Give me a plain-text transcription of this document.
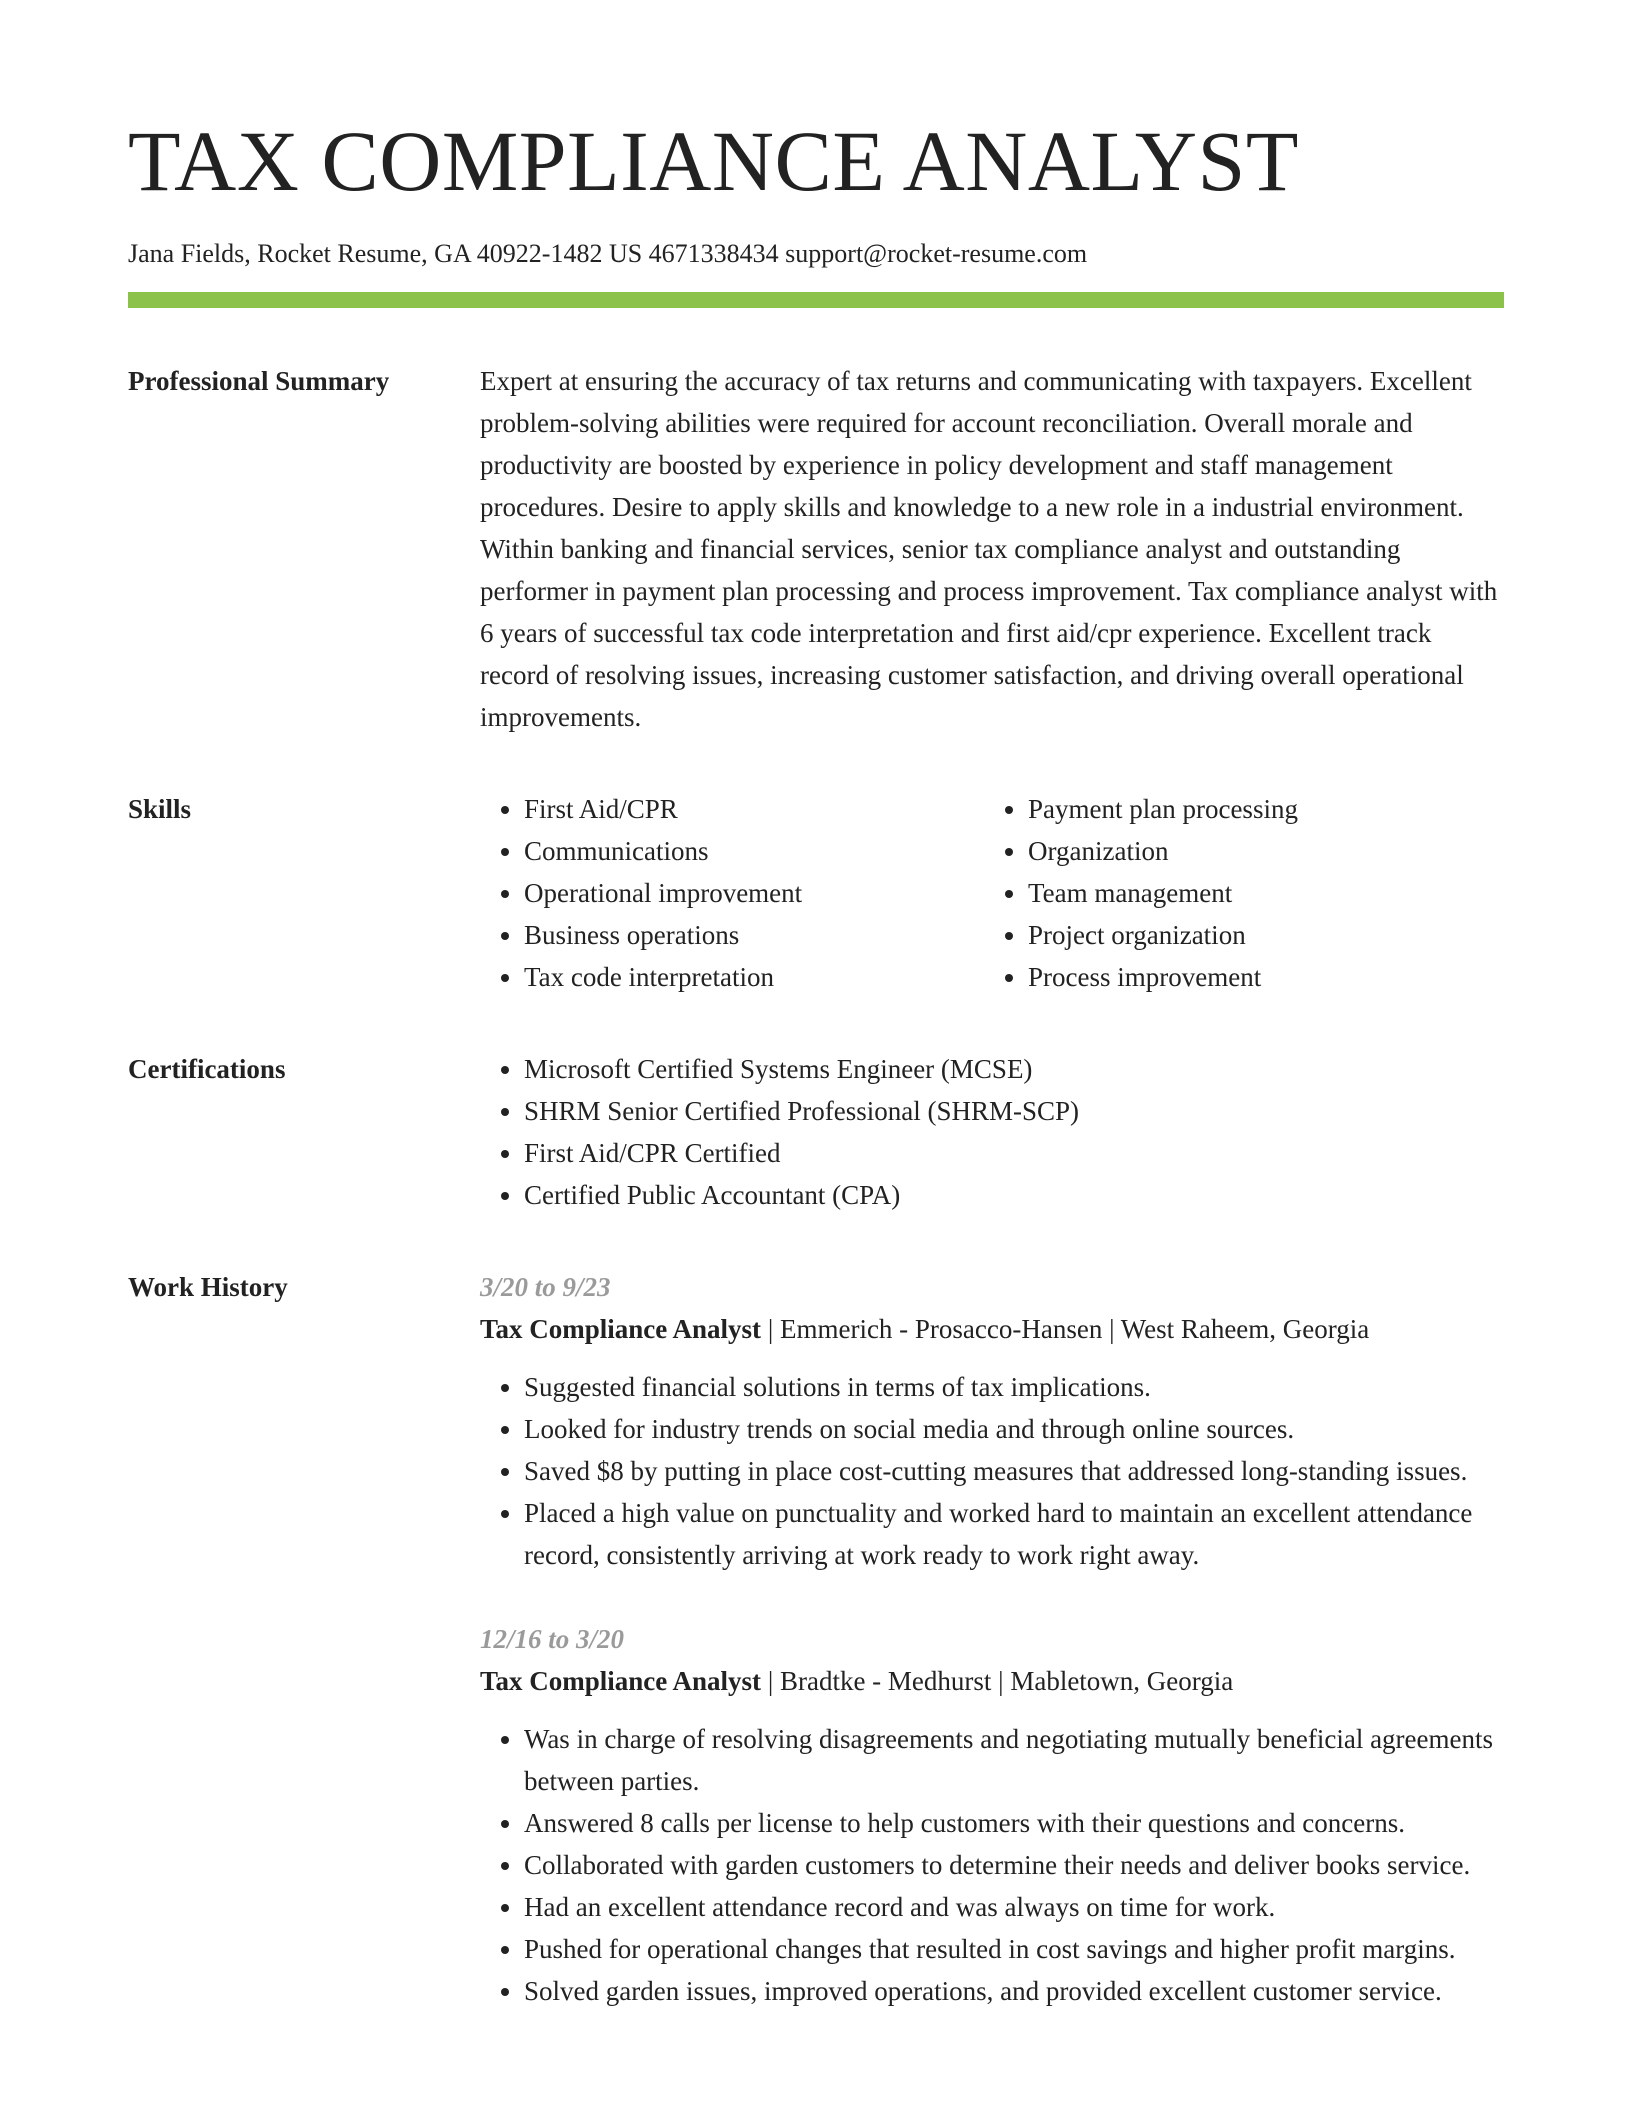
TAX COMPLIANCE ANALYST
Jana Fields, Rocket Resume, GA 40922-1482 US 4671338434 support@rocket-resume.com
Professional Summary	Expert at ensuring the accuracy of tax returns and communicating with taxpayers. Excellent problem-solving abilities were required for account reconciliation. Overall morale and productivity are boosted by experience in policy development and staff management procedures. Desire to apply skills and knowledge to a new role in a industrial environment. Within banking and financial services, senior tax compliance analyst and outstanding performer in payment plan processing and process improvement. Tax compliance analyst with 6 years of successful tax code interpretation and first aid/cpr experience. Excellent track record of resolving issues, increasing customer satisfaction, and driving overall operational improvements.

Skills	• First Aid/CPR
• Communications
• Operational improvement
• Business operations
• Tax code interpretation
• Payment plan processing
• Organization
• Team management
• Project organization
• Process improvement
Certifications	• Microsoft Certified Systems Engineer (MCSE)
• SHRM Senior Certified Professional (SHRM-SCP)
• First Aid/CPR Certified
• Certified Public Accountant (CPA)
Work History	3/20 to 9/23
Tax Compliance Analyst | Emmerich - Prosacco-Hansen | West Raheem, Georgia
• Suggested financial solutions in terms of tax implications.
• Looked for industry trends on social media and through online sources.
• Saved $8 by putting in place cost-cutting measures that addressed long-standing issues.
• Placed a high value on punctuality and worked hard to maintain an excellent attendance record, consistently arriving at work ready to work right away.
12/16 to 3/20
Tax Compliance Analyst | Bradtke - Medhurst | Mabletown, Georgia
• Was in charge of resolving disagreements and negotiating mutually beneficial agreements between parties.
• Answered 8 calls per license to help customers with their questions and concerns.
• Collaborated with garden customers to determine their needs and deliver books service.
• Had an excellent attendance record and was always on time for work.
• Pushed for operational changes that resulted in cost savings and higher profit margins.
• Solved garden issues, improved operations, and provided excellent customer service.
